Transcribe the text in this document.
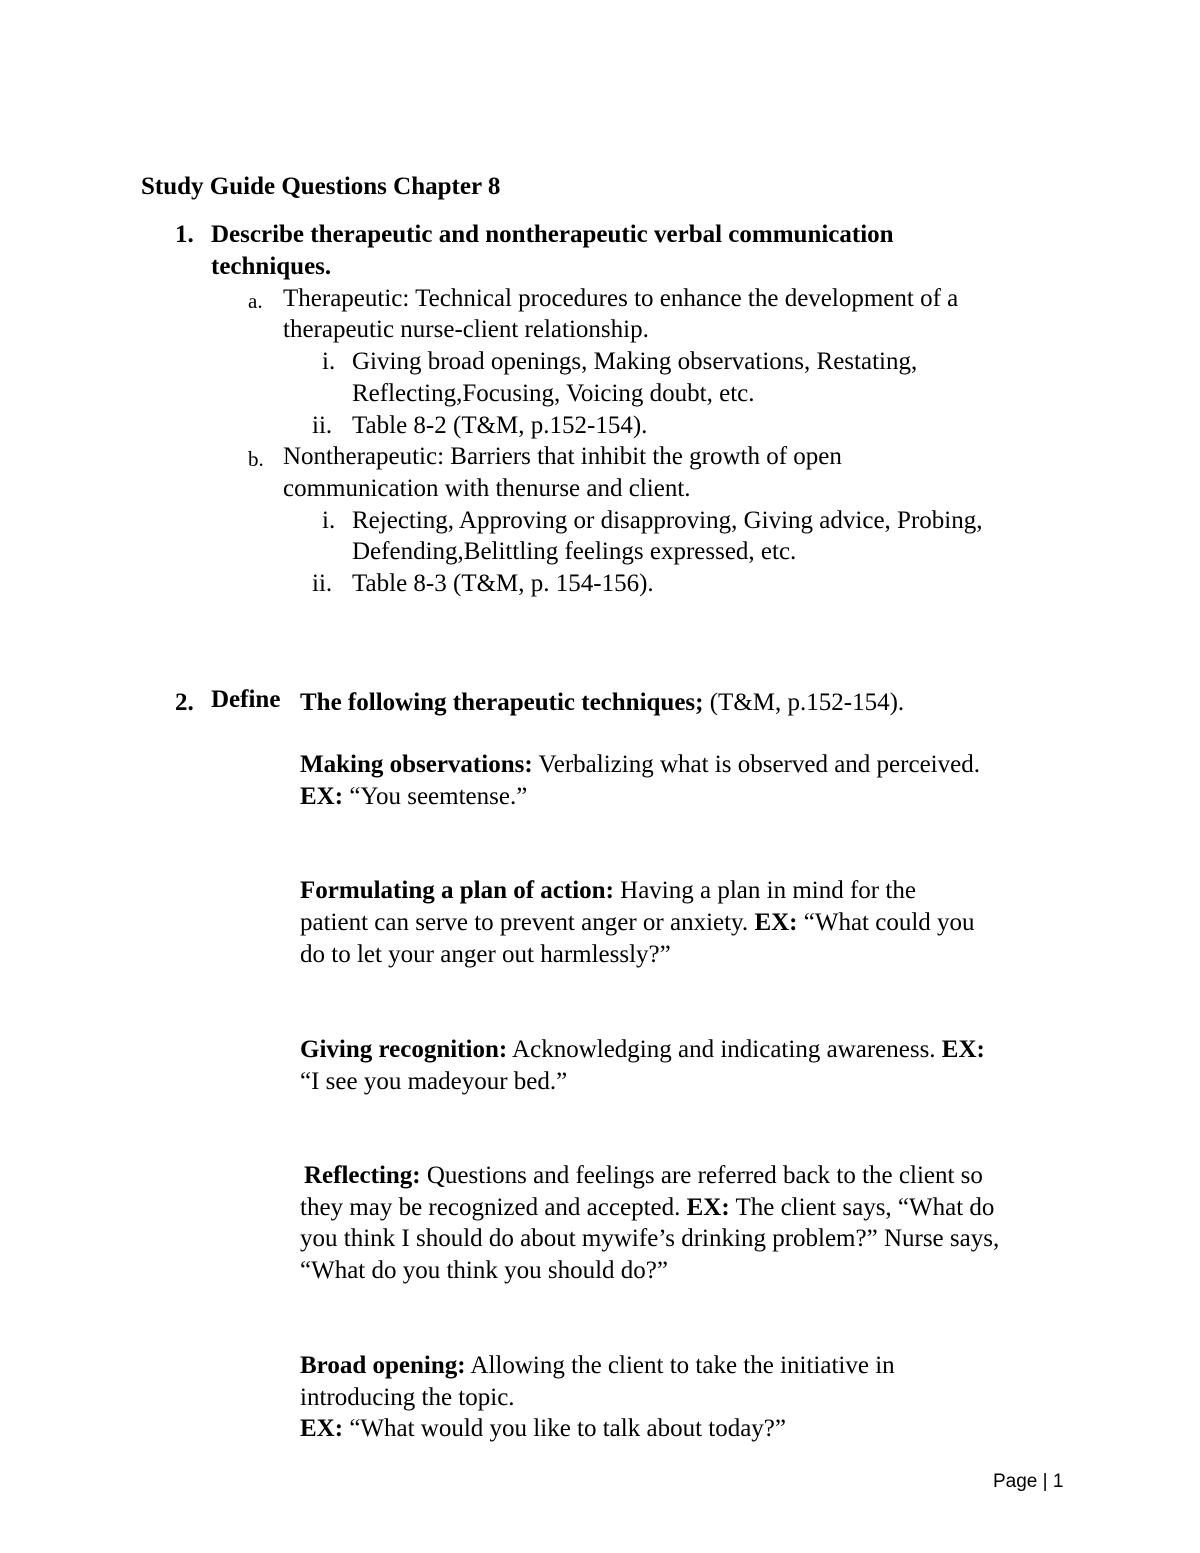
Study Guide Questions Chapter 8
1. Describe therapeutic and nontherapeutic verbal communication
techniques.
a. Therapeutic: Technical procedures to enhance the development of a
therapeutic nurse-client relationship.
i. Giving broad openings, Making observations, Restating,
Reflecting,Focusing, Voicing doubt, etc.
ii. Table 8-2 (T&M, p.152-154).
b. Nontherapeutic: Barriers that inhibit the growth of open
communication with thenurse and client.
i. Rejecting, Approving or disapproving, Giving advice, Probing,
Defending,Belittling feelings expressed, etc.
ii. Table 8-3 (T&M, p. 154-156).
2. Define The following therapeutic techniques; (T&M, p.152-154).
Making observations: Verbalizing what is observed and perceived.
EX: “You seemtense.”
Formulating a plan of action: Having a plan in mind for the
patient can serve to prevent anger or anxiety. EX: “What could you
do to let your anger out harmlessly?”
Giving recognition: Acknowledging and indicating awareness. EX:
“I see you madeyour bed.”
Reflecting: Questions and feelings are referred back to the client so
they may be recognized and accepted. EX: The client says, “What do
you think I should do about mywife’s drinking problem?” Nurse says,
“What do you think you should do?”
Broad opening: Allowing the client to take the initiative in
introducing the topic.
EX: “What would you like to talk about today?”
Page | 1
